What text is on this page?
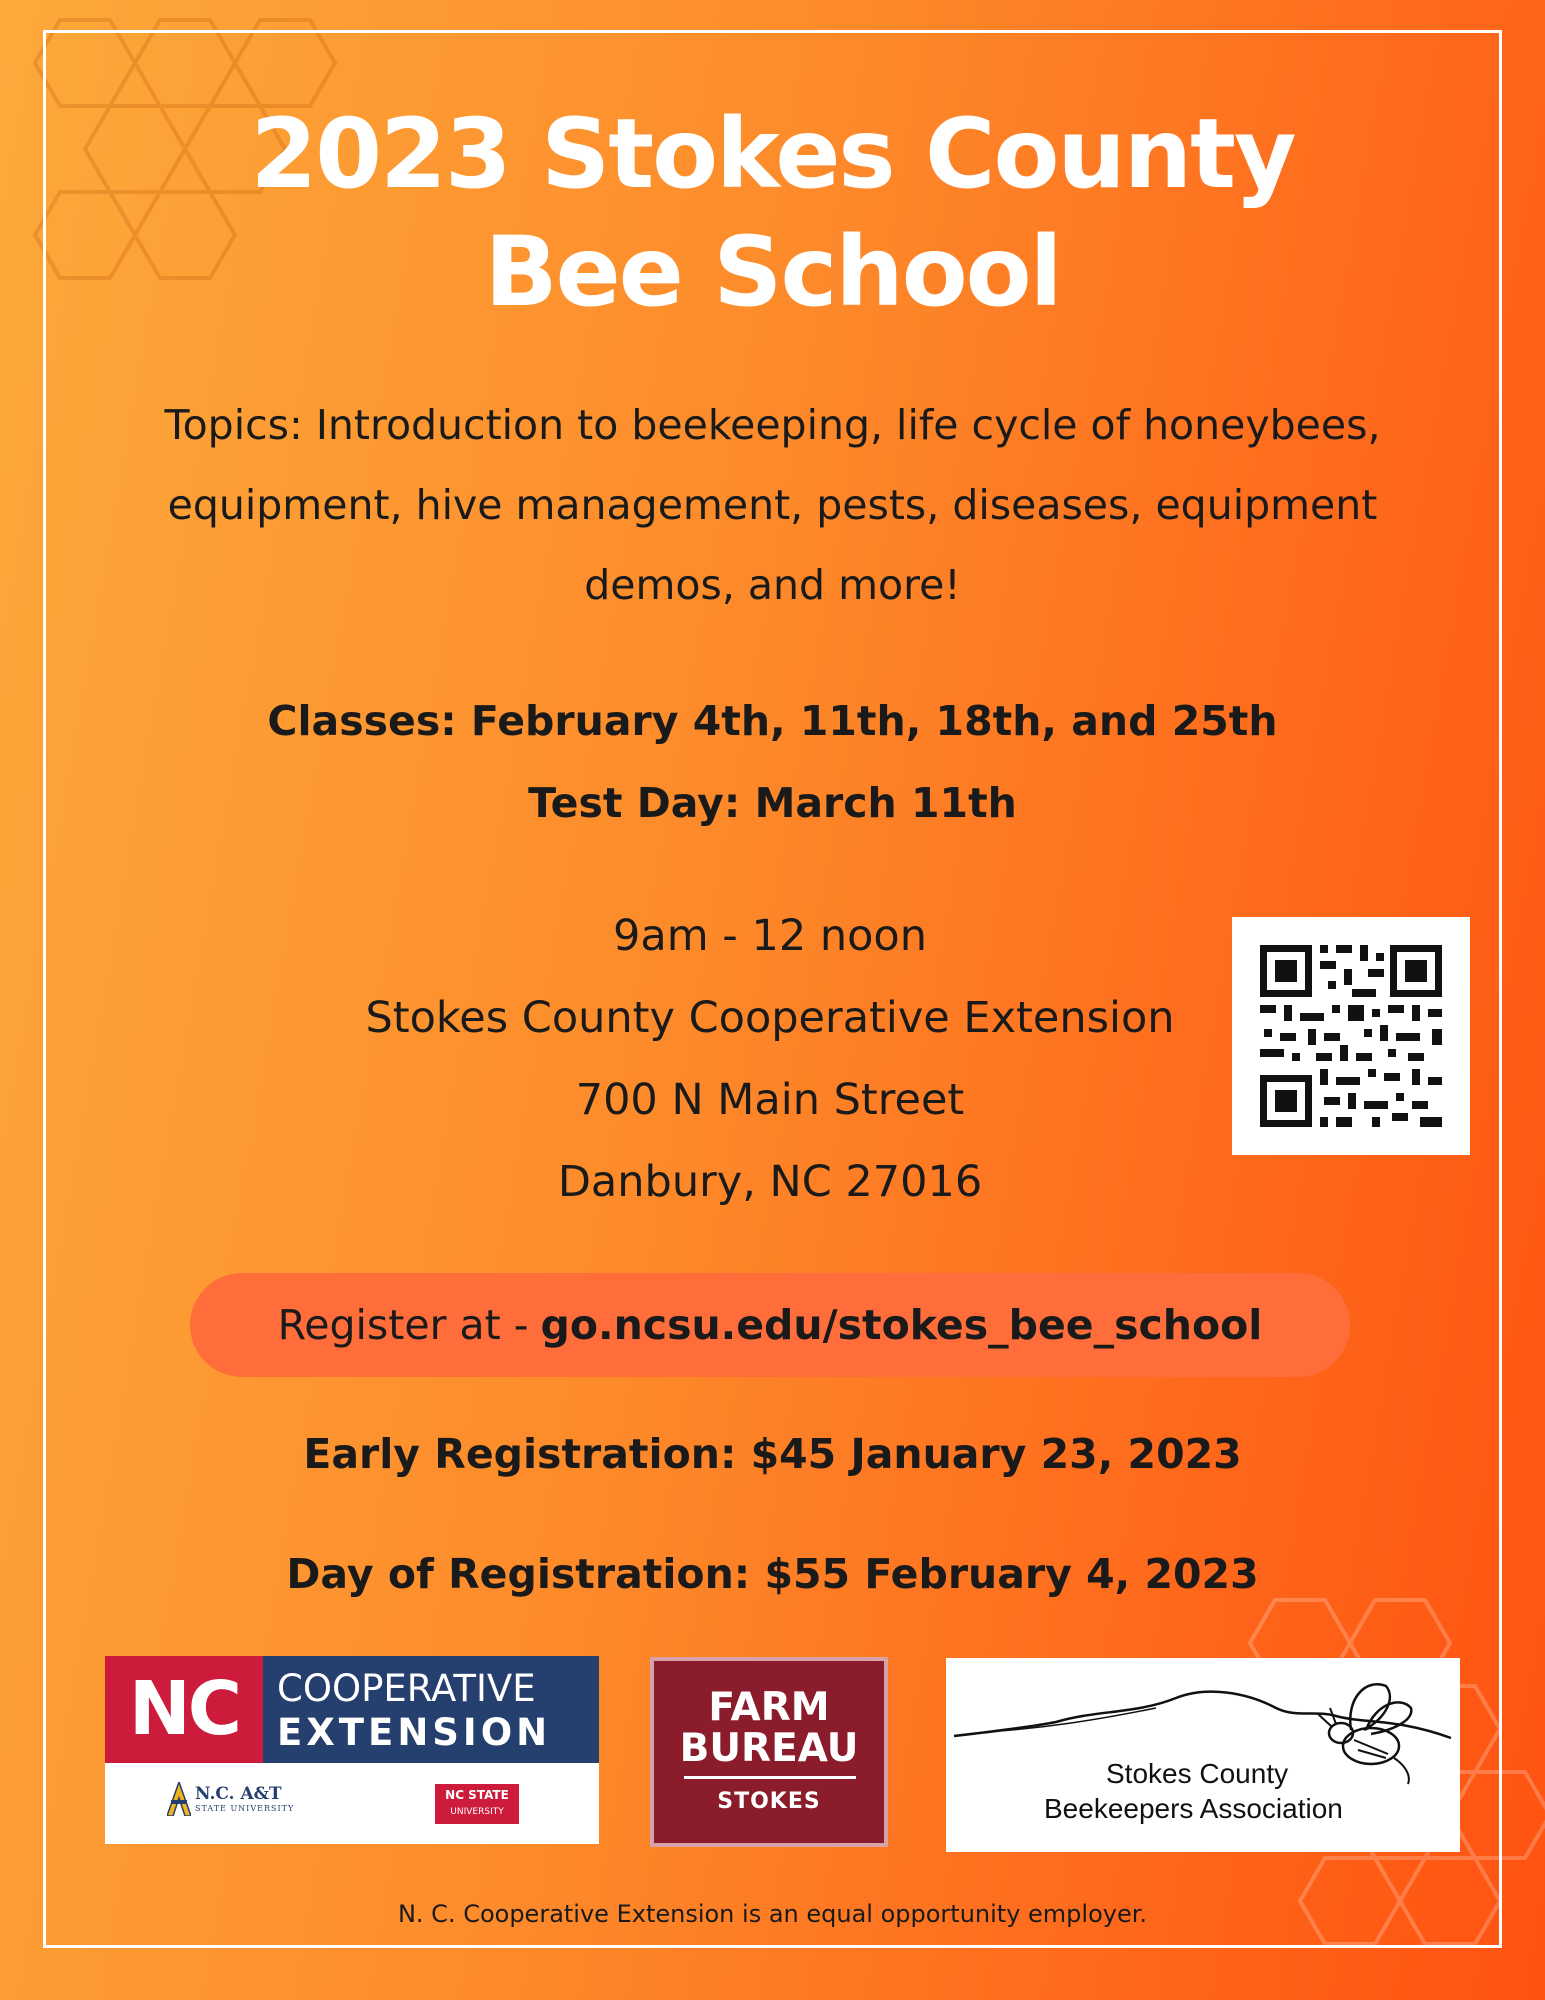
2023 Stokes County
Bee School
Topics: Introduction to beekeeping, life cycle of honeybees,
equipment, hive management, pests, diseases, equipment
demos, and more!
Classes: February 4th, 11th, 18th, and 25th
Test Day: March 11th
9am - 12 noon
Stokes County Cooperative Extension
700 N Main Street
Danbury, NC 27016
Register at - go.ncsu.edu/stokes_bee_school
Early Registration: $45 January 23, 2023
Day of Registration: $55 February 4, 2023
NC	COOPERATIVE
EXTENSION
N.C. A&T
STATE UNIVERSITY
NC STATE
UNIVERSITY
FARM
BUREAU
STOKES
Stokes County
Beekeepers Association
N. C. Cooperative Extension is an equal opportunity employer.
